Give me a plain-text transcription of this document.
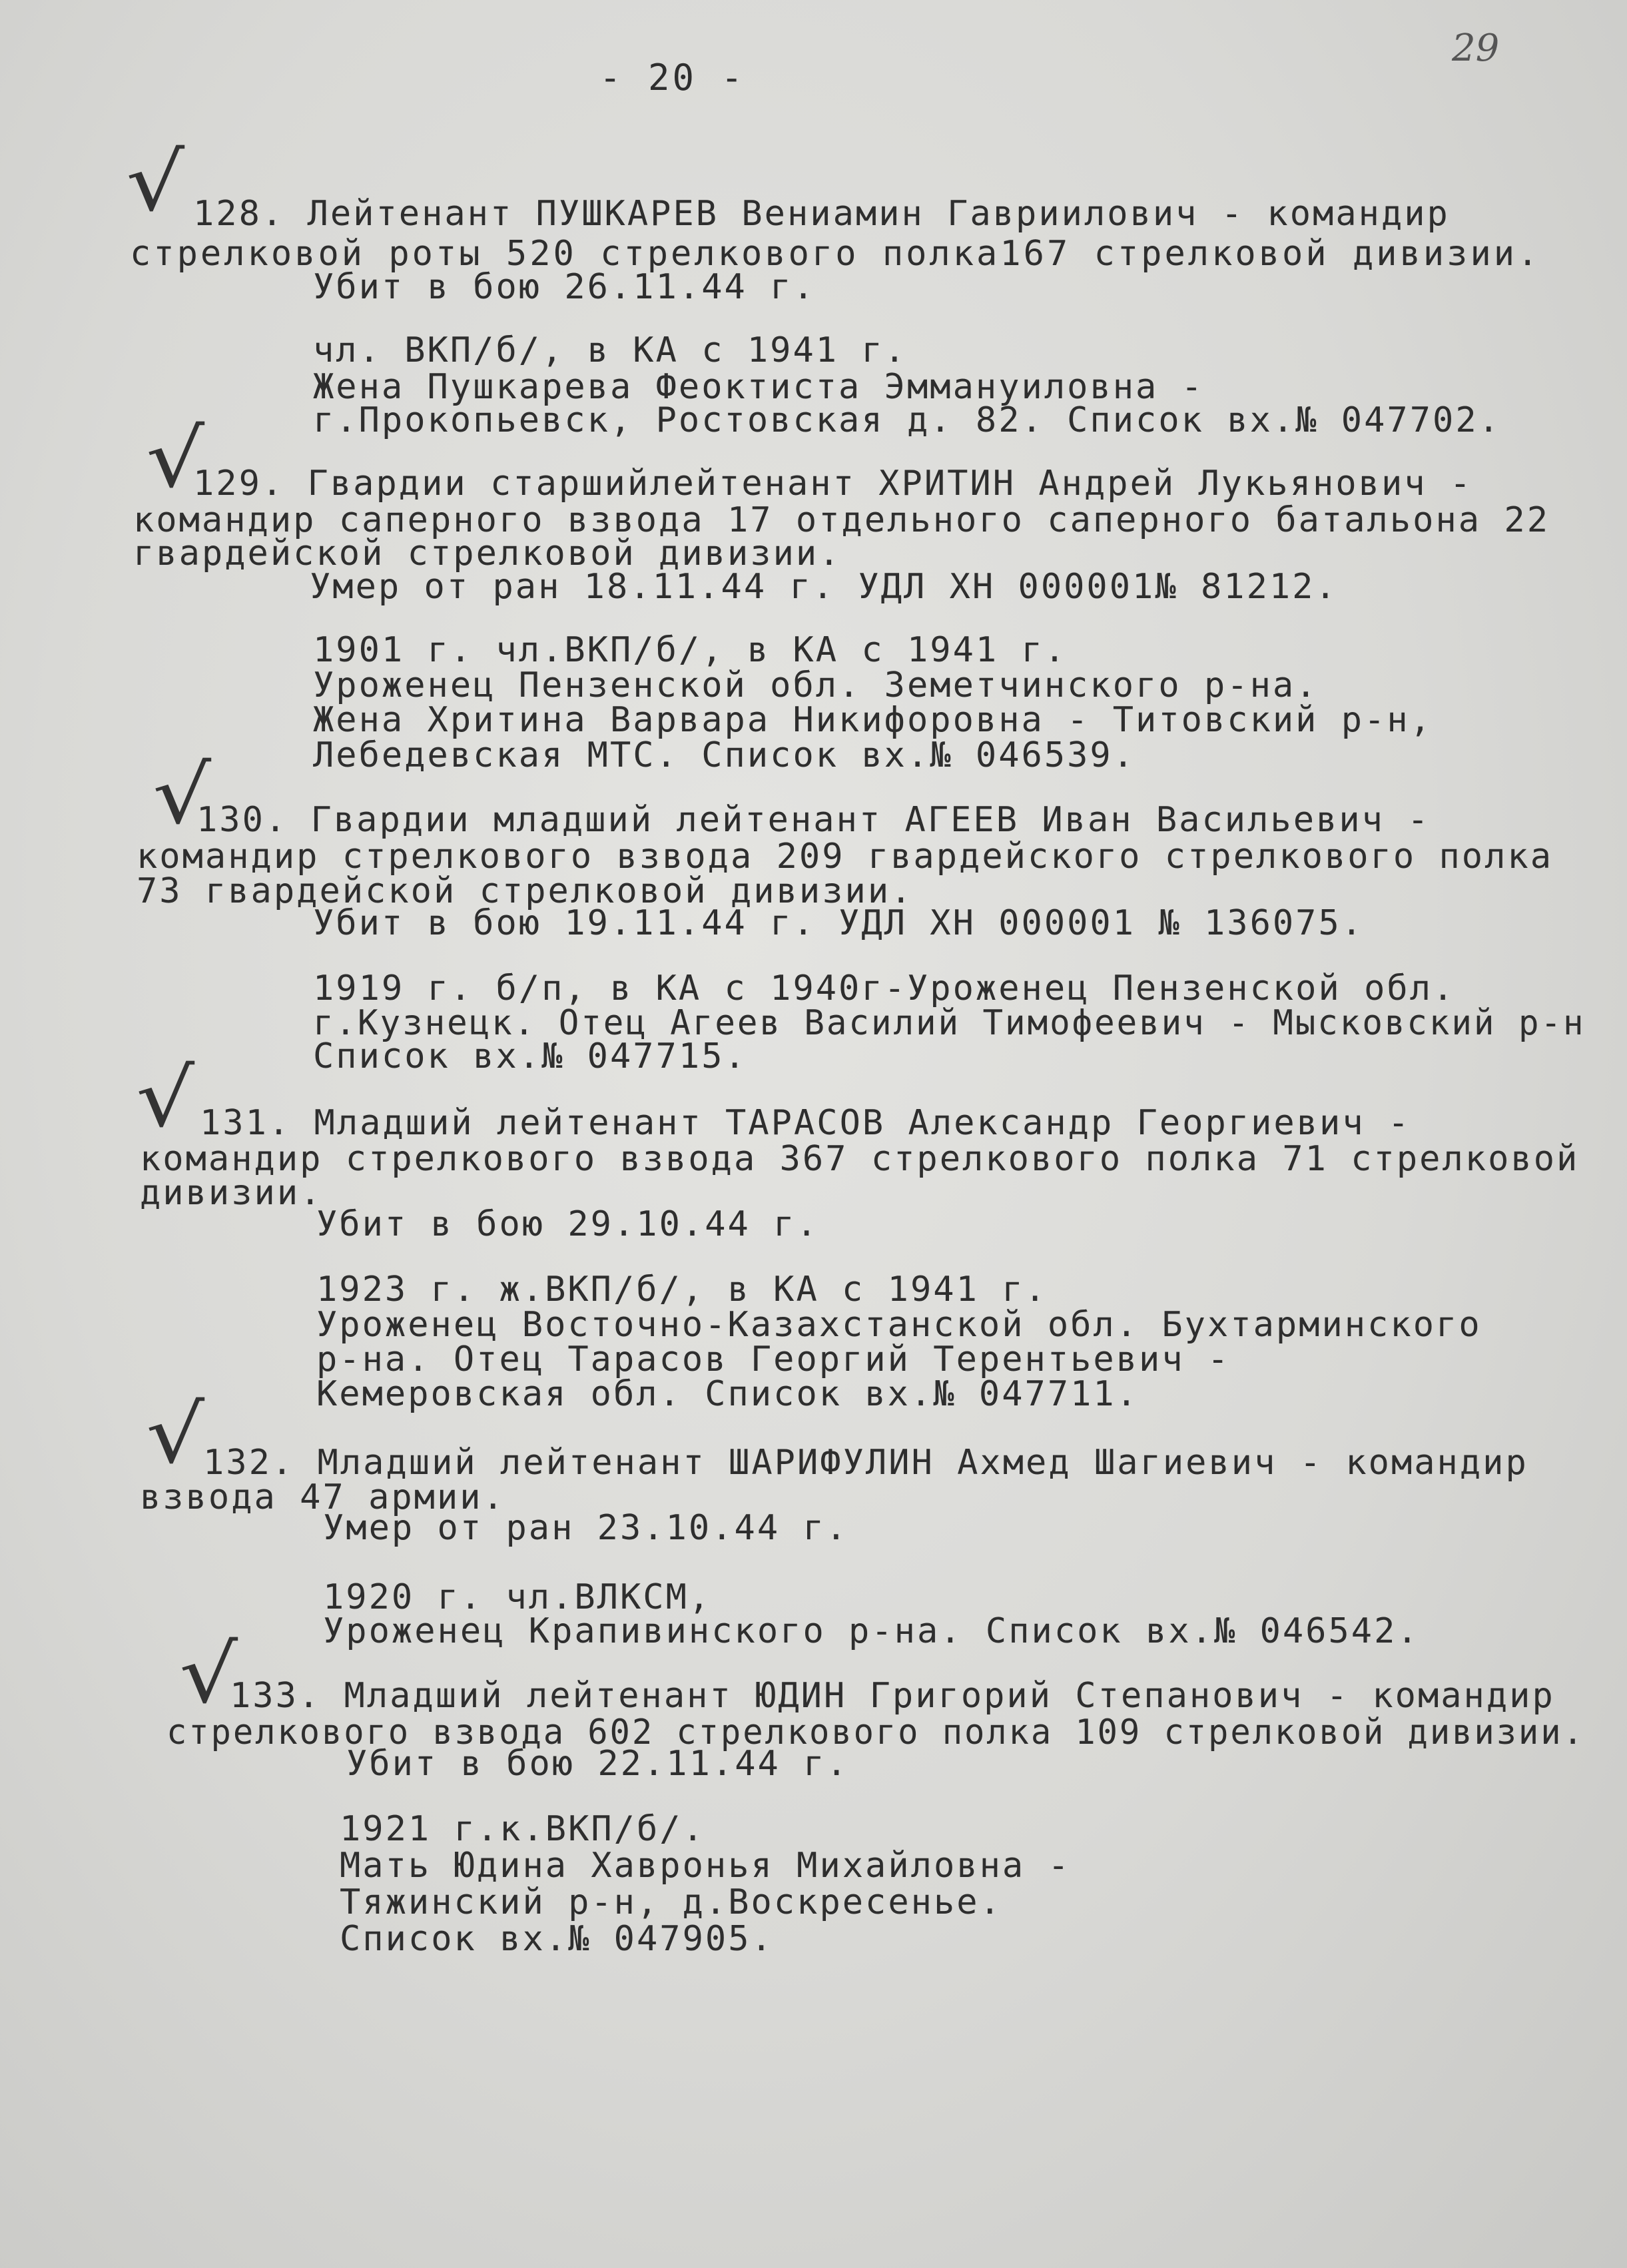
- 20 -
29
√ 128. Лейтенант ПУШКАРЕВ Вениамин Гавриилович - командир
стрелковой роты 520 стрелкового полка167 стрелковой дивизии.
Убит в бою 26.11.44 г.
чл. ВКП/б/, в КА с 1941 г.
Жена Пушкарева Феоктиста Эммануиловна -
г.Прокопьевск, Ростовская д. 82. Список вх.№ 047702.
√
129. Гвардии старшийлейтенант ХРИТИН Андрей Лукьянович -
командир саперного взвода 17 отдельного саперного батальона 22
гвардейской стрелковой дивизии.
Умер от ран 18.11.44 г. УДЛ ХН 000001№ 81212.
1901 г. чл.ВКП/б/, в КА с 1941 г.
Уроженец Пензенской обл. Земетчинского р-на.
Жена Хритина Варвара Никифоровна - Титовский р-н,
Лебедевская МТС. Список вх.№ 046539.
√
130. Гвардии младший лейтенант АГЕЕВ Иван Васильевич -
командир стрелкового взвода 209 гвардейского стрелкового полка
73 гвардейской стрелковой дивизии.
Убит в бою 19.11.44 г. УДЛ ХН 000001 № 136075.
1919 г. б/п, в КА с 1940г-Уроженец Пензенской обл.
г.Кузнецк. Отец Агеев Василий Тимофеевич - Мысковский р-н
Список вх.№ 047715.
√ 131. Младший лейтенант ТАРАСОВ Александр Георгиевич -
командир стрелкового взвода 367 стрелкового полка 71 стрелковой
дивизии.
Убит в бою 29.10.44 г.
1923 г. ж.ВКП/б/, в КА с 1941 г.
Уроженец Восточно-Казахстанской обл. Бухтарминского
р-на. Отец Тарасов Георгий Терентьевич -
Кемеровская обл. Список вх.№ 047711.
√
132. Младший лейтенант ШАРИФУЛИН Ахмед Шагиевич - командир
взвода 47 армии.
Умер от ран 23.10.44 г.
1920 г. чл.ВЛКСМ,
Уроженец Крапивинского р-на. Список вх.№ 046542.
√
133. Младший лейтенант ЮДИН Григорий Степанович - командир
стрелкового взвода 602 стрелкового полка 109 стрелковой дивизии.
Убит в бою 22.11.44 г.
1921 г.к.ВКП/б/.
Мать Юдина Хавронья Михайловна -
Тяжинский р-н, д.Воскресенье.
Список вх.№ 047905.
